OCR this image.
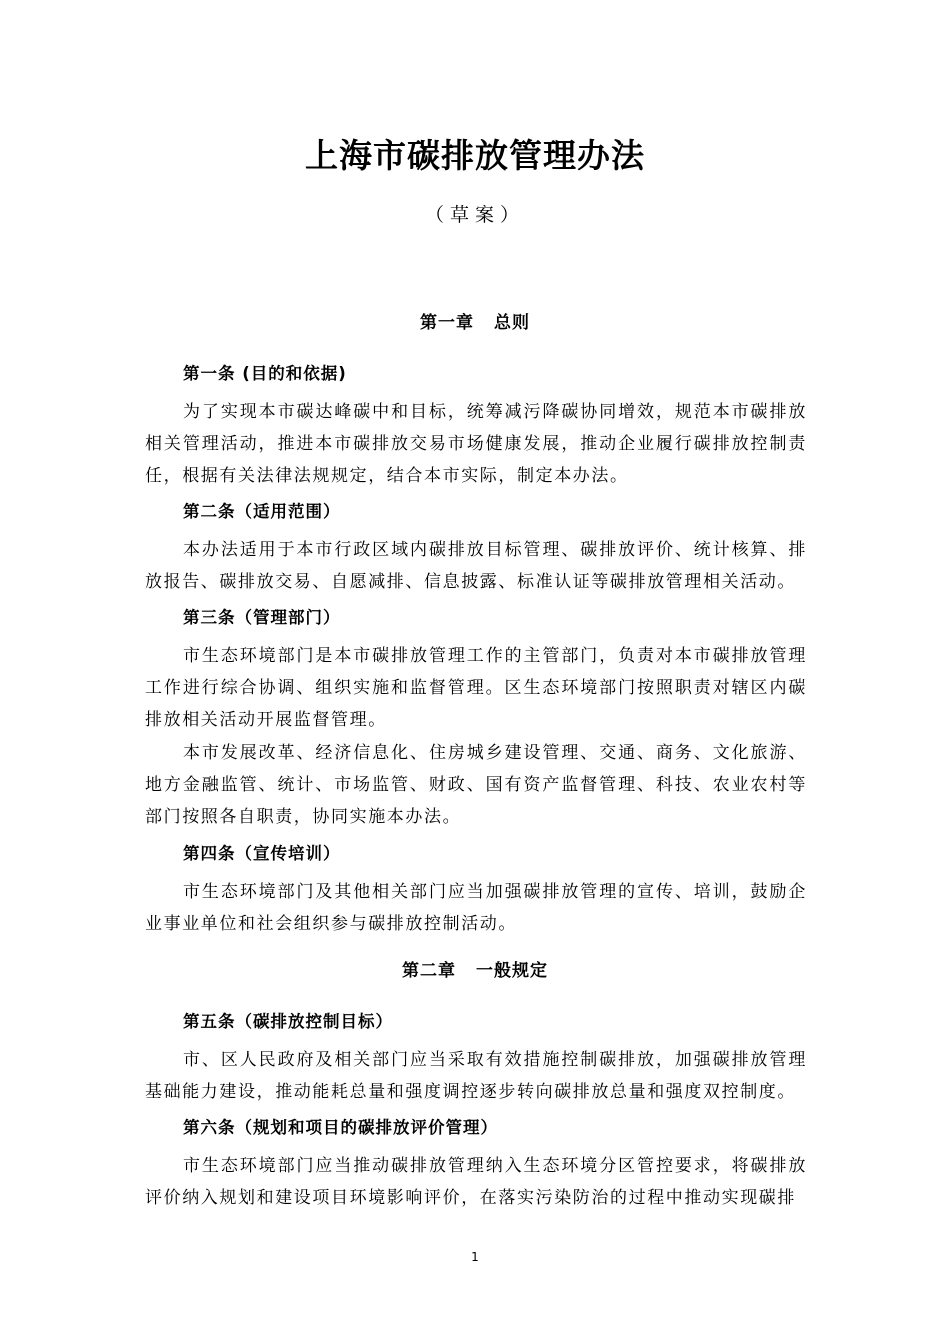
上海市碳排放管理办法
（草案）
第一章 总则
第一条 (目的和依据)

为了实现本市碳达峰碳中和目标，统筹减污降碳协同增效，规范本市碳排放相关管理活动，推进本市碳排放交易市场健康发展，推动企业履行碳排放控制责任，根据有关法律法规规定，结合本市实际，制定本办法。

第二条（适用范围）

本办法适用于本市行政区域内碳排放目标管理、碳排放评价、统计核算、排放报告、碳排放交易、自愿减排、信息披露、标准认证等碳排放管理相关活动。

第三条（管理部门）

市生态环境部门是本市碳排放管理工作的主管部门，负责对本市碳排放管理工作进行综合协调、组织实施和监督管理。区生态环境部门按照职责对辖区内碳排放相关活动开展监督管理。

本市发展改革、经济信息化、住房城乡建设管理、交通、商务、文化旅游、地方金融监管、统计、市场监管、财政、国有资产监督管理、科技、农业农村等部门按照各自职责，协同实施本办法。

第四条（宣传培训）

市生态环境部门及其他相关部门应当加强碳排放管理的宣传、培训，鼓励企业事业单位和社会组织参与碳排放控制活动。

第二章 一般规定
第五条（碳排放控制目标）

市、区人民政府及相关部门应当采取有效措施控制碳排放，加强碳排放管理基础能力建设，推动能耗总量和强度调控逐步转向碳排放总量和强度双控制度。

第六条（规划和项目的碳排放评价管理）

市生态环境部门应当推动碳排放管理纳入生态环境分区管控要求，将碳排放评价纳入规划和建设项目环境影响评价，在落实污染防治的过程中推动实现碳排

1
